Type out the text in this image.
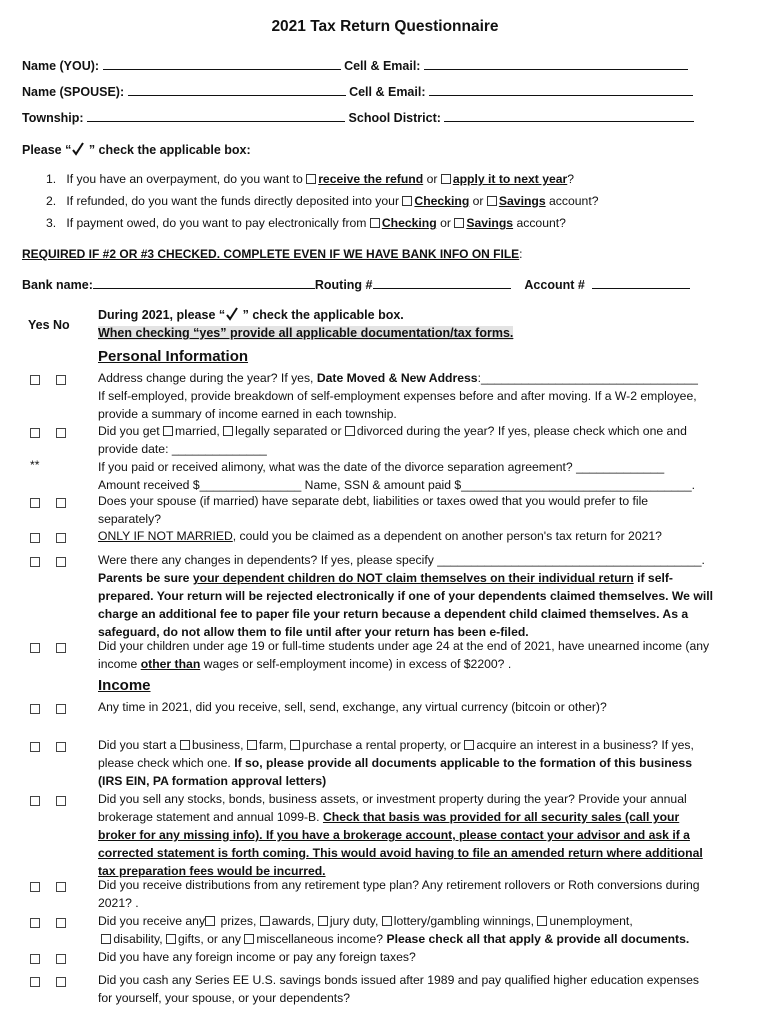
2021 Tax Return Questionnaire
Name (YOU):	Cell & Email:
Name (SPOUSE):	Cell & Email:
Township:	School District:
Please “ ” check the applicable box:
1. If you have an overpayment, do you want to receive the refund or apply it to next year?
2. If refunded, do you want the funds directly deposited into your Checking or Savings account?
3. If payment owed, do you want to pay electronically from Checking or Savings account?
REQUIRED IF #2 OR #3 CHECKED. COMPLETE EVEN IF WE HAVE BANK INFO ON FILE:
Bank name:	Routing #	Account #
Yes No
During 2021, please “ ” check the applicable box.
When checking “yes” provide all applicable documentation/tax forms.
Personal Information
Address change during the year? If yes, Date Moved & New Address:________________________________
If self-employed, provide breakdown of self-employment expenses before and after moving. If a W-2 employee, provide a summary of income earned in each township.
Did you get married, legally separated or divorced during the year? If yes, please check which one and provide date: ______________
**	If you paid or received alimony, what was the date of the divorce separation agreement? _____________
Amount received $_______________ Name, SSN & amount paid $__________________________________.
Does your spouse (if married) have separate debt, liabilities or taxes owed that you would prefer to file separately?
ONLY IF NOT MARRIED, could you be claimed as a dependent on another person's tax return for 2021?
Were there any changes in dependents? If yes, please specify _______________________________________.
Parents be sure your dependent children do NOT claim themselves on their individual return if self-prepared. Your return will be rejected electronically if one of your dependents claimed themselves. We will charge an additional fee to paper file your return because a dependent child claimed themselves. As a safeguard, do not allow them to file until after your return has been e-filed.
Did your children under age 19 or full-time students under age 24 at the end of 2021, have unearned income (any income other than wages or self-employment income) in excess of $2200? .
Income
Any time in 2021, did you receive, sell, send, exchange, any virtual currency (bitcoin or other)?
Did you start a business, farm, purchase a rental property, or acquire an interest in a business? If yes, please check which one. If so, please provide all documents applicable to the formation of this business (IRS EIN, PA formation approval letters)
Did you sell any stocks, bonds, business assets, or investment property during the year? Provide your annual brokerage statement and annual 1099-B. Check that basis was provided for all security sales (call your broker for any missing info). If you have a brokerage account, please contact your advisor and ask if a corrected statement is forth coming. This would avoid having to file an amended return where additional tax preparation fees would be incurred.
Did you receive distributions from any retirement type plan? Any retirement rollovers or Roth conversions during 2021? .
Did you receive any prizes, awards, jury duty, lottery/gambling winnings, unemployment,
disability, gifts, or any miscellaneous income? Please check all that apply & provide all documents.
Did you have any foreign income or pay any foreign taxes?
Did you cash any Series EE U.S. savings bonds issued after 1989 and pay qualified higher education expenses for yourself, your spouse, or your dependents?
